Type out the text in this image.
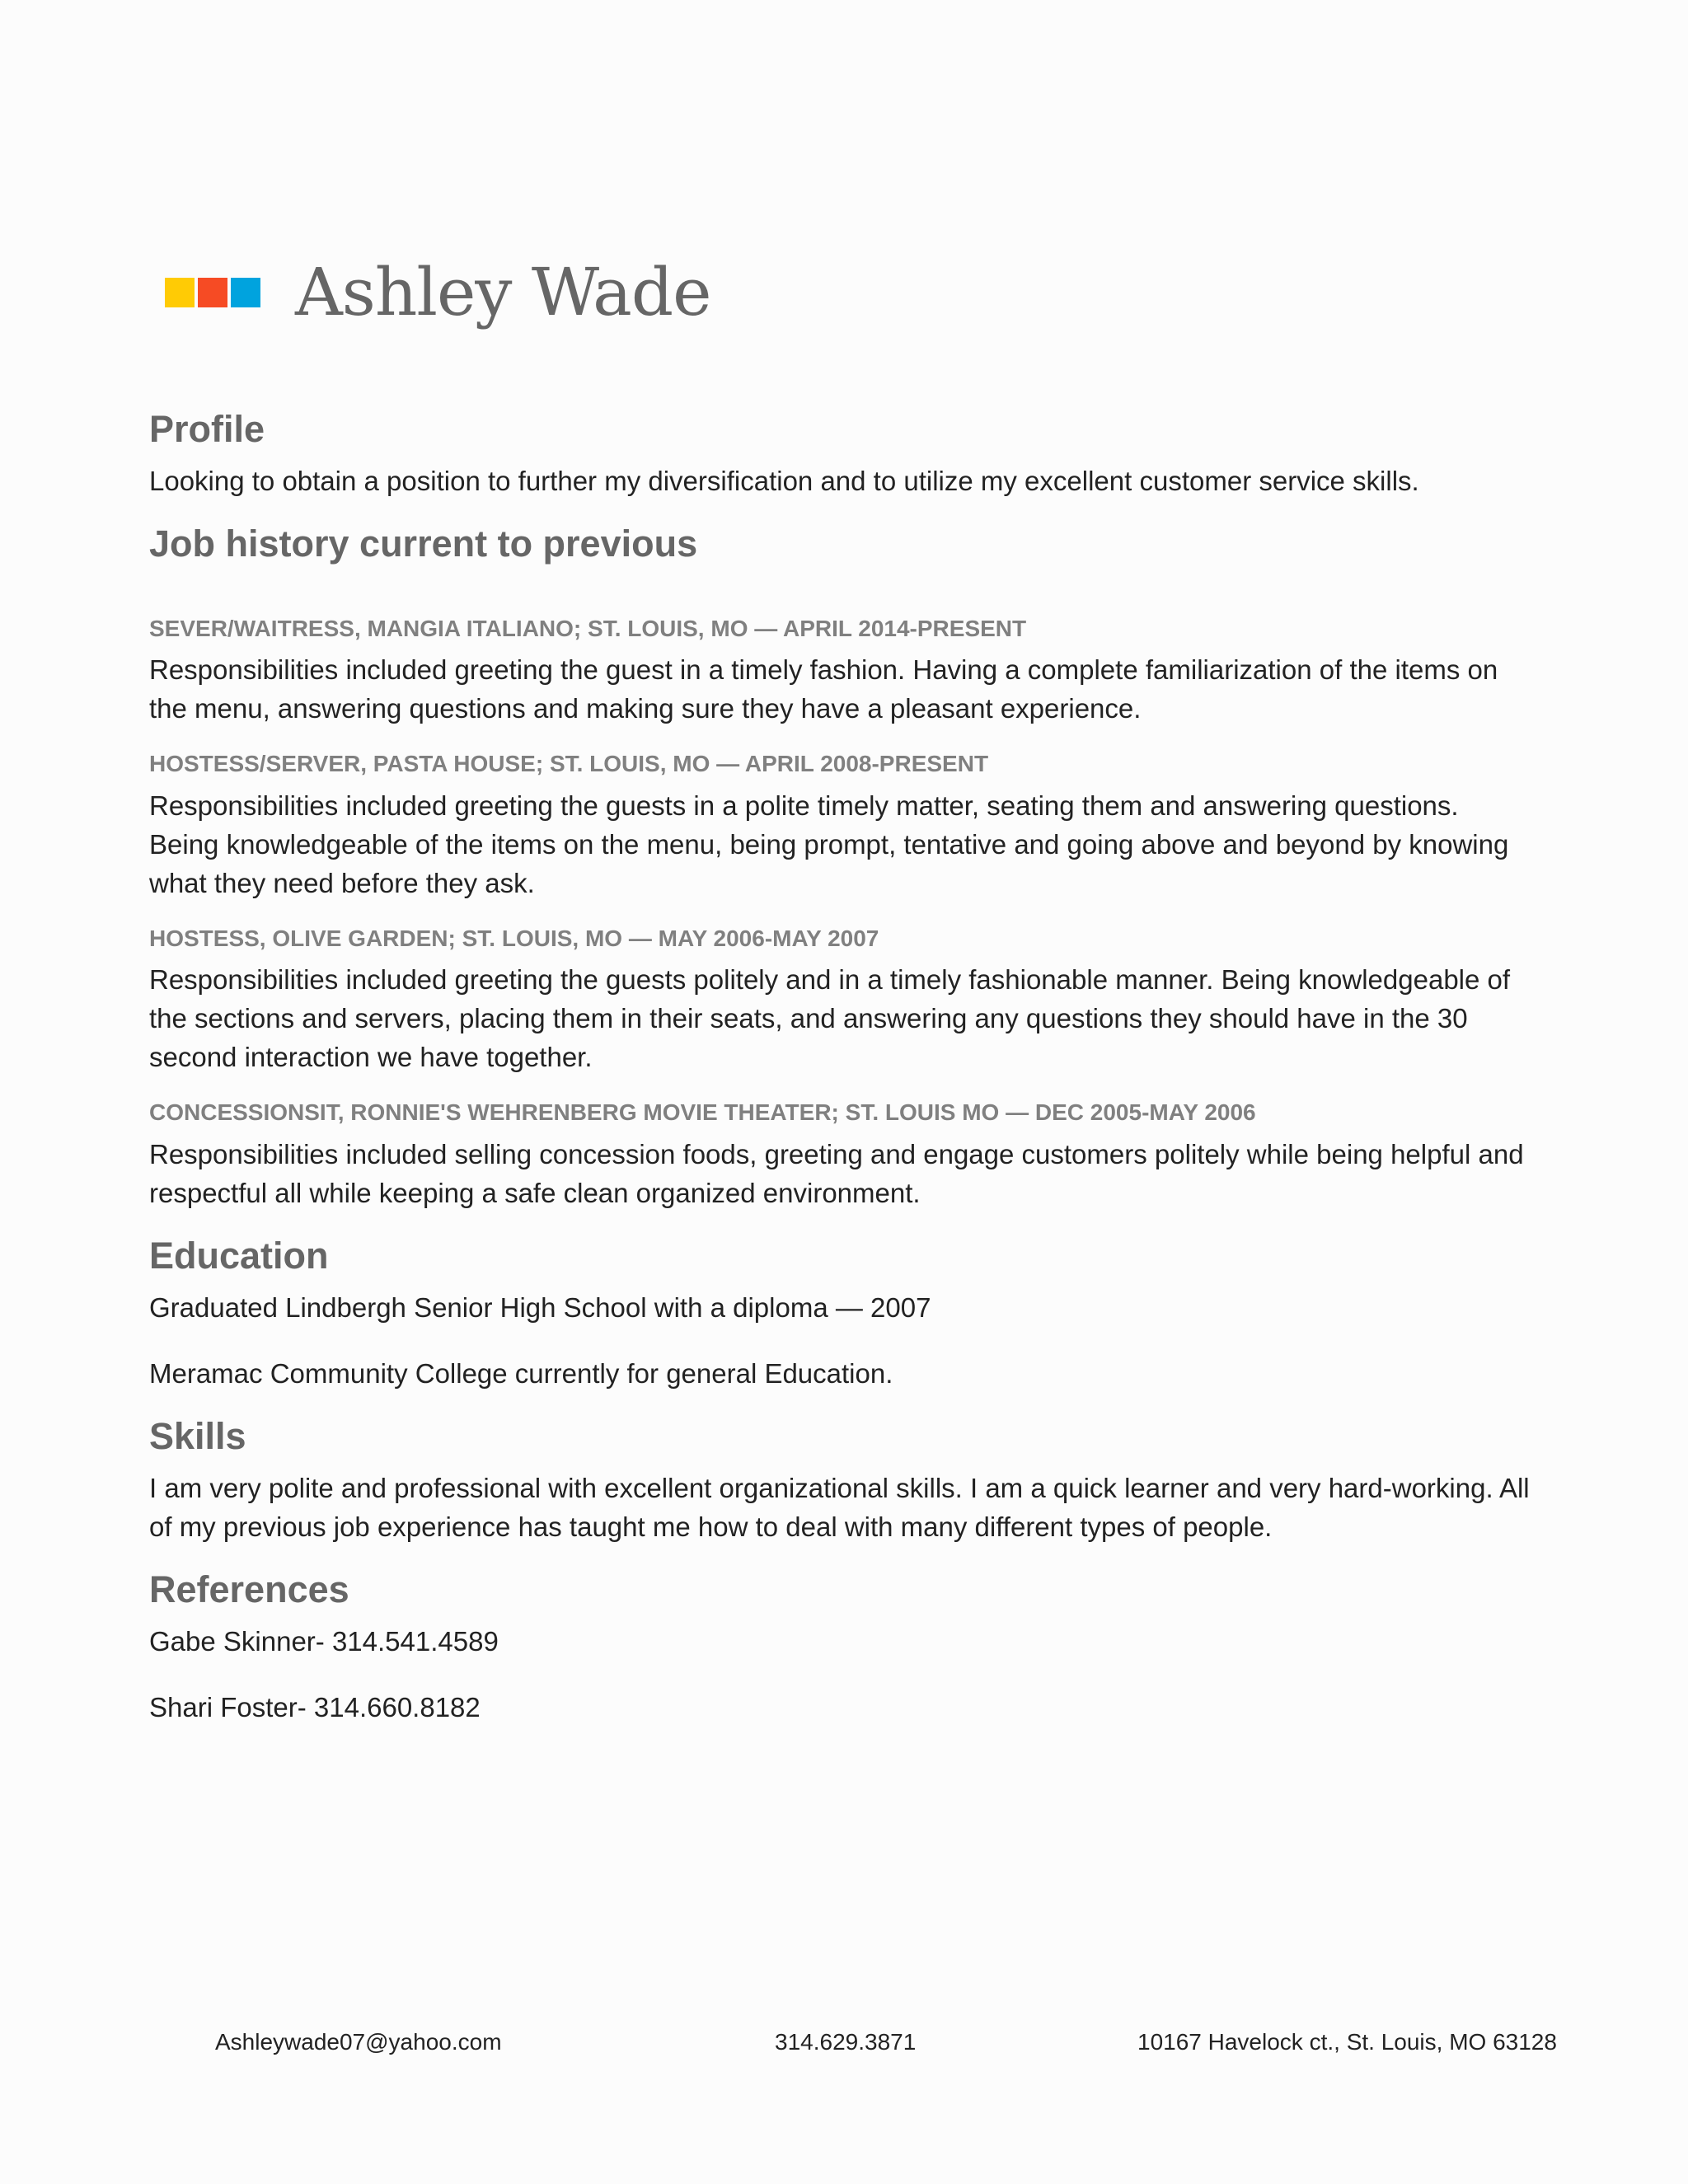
Ashley Wade
Profile

Looking to obtain a position to further my diversification and to utilize my excellent customer service skills.

Job history current to previous

SEVER/WAITRESS, MANGIA ITALIANO; ST. LOUIS, MO — APRIL 2014-PRESENT

Responsibilities included greeting the guest in a timely fashion. Having a complete familiarization of the items on the menu, answering questions and making sure they have a pleasant experience.

HOSTESS/SERVER, PASTA HOUSE; ST. LOUIS, MO — APRIL 2008-PRESENT

Responsibilities included greeting the guests in a polite timely matter, seating them and answering questions. Being knowledgeable of the items on the menu, being prompt, tentative and going above and beyond by knowing what they need before they ask.

HOSTESS, OLIVE GARDEN; ST. LOUIS, MO — MAY 2006-MAY 2007

Responsibilities included greeting the guests politely and in a timely fashionable manner. Being knowledgeable of the sections and servers, placing them in their seats, and answering any questions they should have in the 30 second interaction we have together.

CONCESSIONSIT, RONNIE'S WEHRENBERG MOVIE THEATER; ST. LOUIS MO — DEC 2005-MAY 2006

Responsibilities included selling concession foods, greeting and engage customers politely while being helpful and respectful all while keeping a safe clean organized environment.

Education

Graduated Lindbergh Senior High School with a diploma — 2007

Meramac Community College currently for general Education.

Skills

I am very polite and professional with excellent organizational skills. I am a quick learner and very hard-working. All of my previous job experience has taught me how to deal with many different types of people.

References

Gabe Skinner- 314.541.4589

Shari Foster- 314.660.8182

Ashleywade07@yahoo.com	314.629.3871	10167 Havelock ct., St. Louis, MO 63128
